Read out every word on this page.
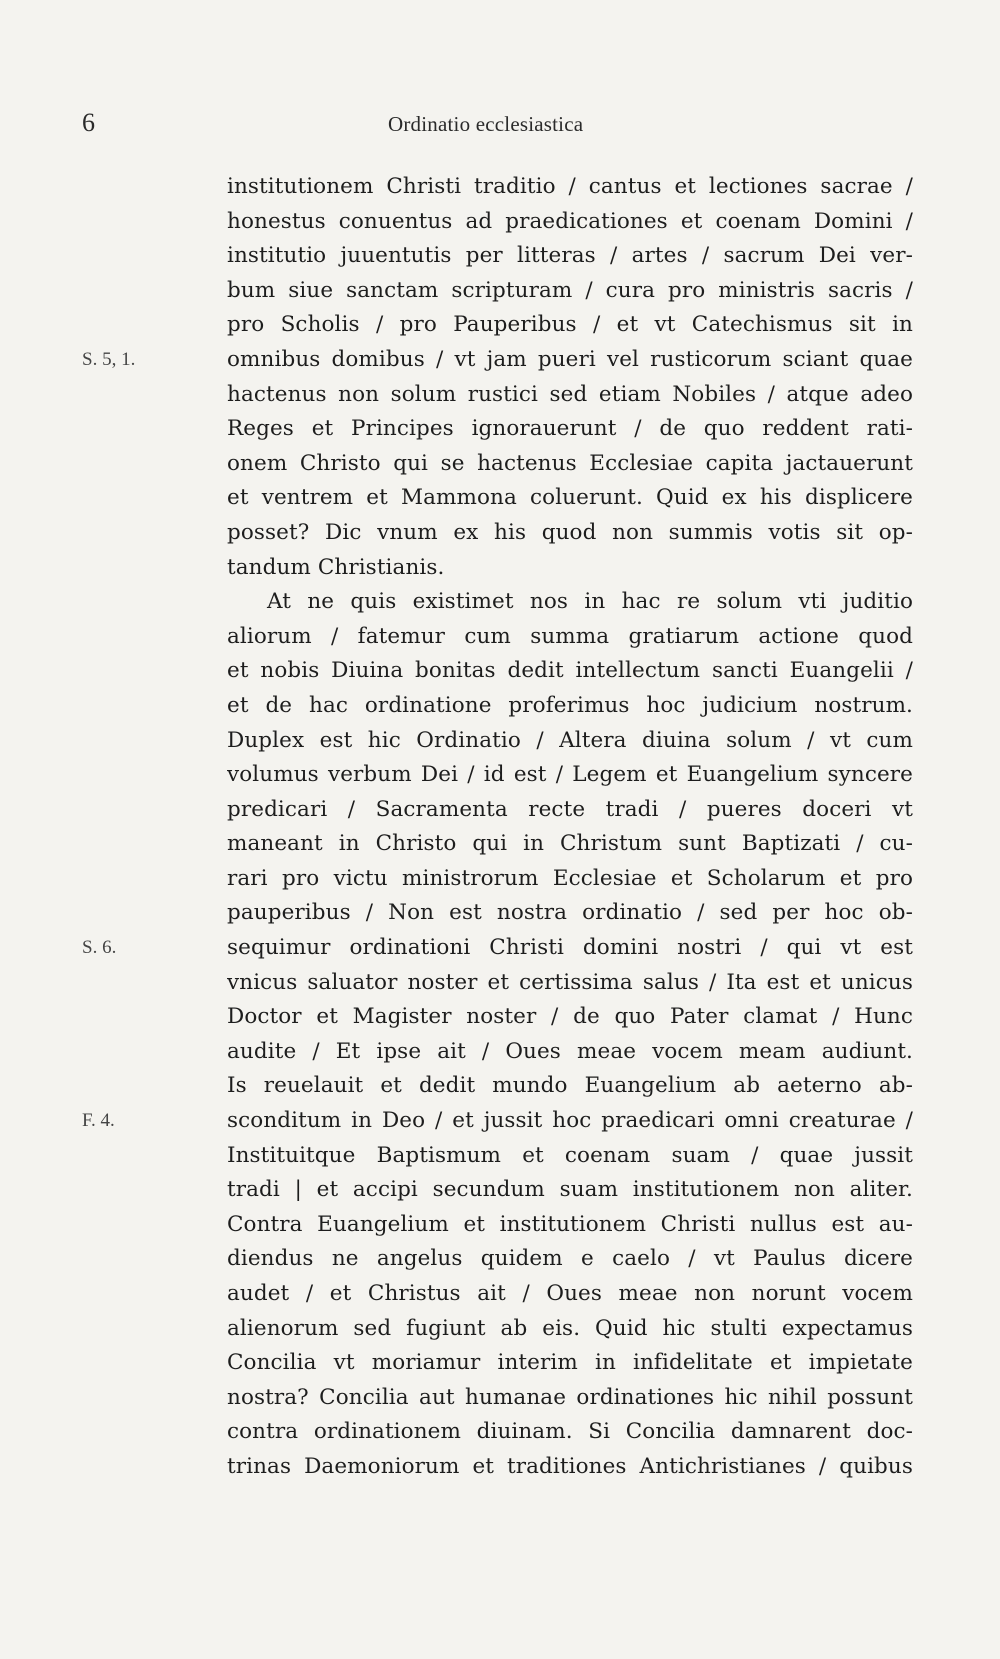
6	Ordinatio ecclesiastica
S. 5, 1.
S. 6.
F. 4.
institutionem Christi traditio / cantus et lectiones sacrae /
honestus conuentus ad praedicationes et coenam Domini /
institutio juuentutis per litteras / artes / sacrum Dei ver-
bum siue sanctam scripturam / cura pro ministris sacris /
pro Scholis / pro Pauperibus / et vt Catechismus sit in
omnibus domibus / vt jam pueri vel rusticorum sciant quae
hactenus non solum rustici sed etiam Nobiles / atque adeo
Reges et Principes ignorauerunt / de quo reddent rati-
onem Christo qui se hactenus Ecclesiae capita jactauerunt
et ventrem et Mammona coluerunt. Quid ex his displicere
posset? Dic vnum ex his quod non summis votis sit op-
tandum Christianis.
At ne quis existimet nos in hac re solum vti juditio
aliorum / fatemur cum summa gratiarum actione quod
et nobis Diuina bonitas dedit intellectum sancti Euangelii /
et de hac ordinatione proferimus hoc judicium nostrum.
Duplex est hic Ordinatio / Altera diuina solum / vt cum
volumus verbum Dei / id est / Legem et Euangelium syncere
predicari / Sacramenta recte tradi / pueres doceri vt
maneant in Christo qui in Christum sunt Baptizati / cu-
rari pro victu ministrorum Ecclesiae et Scholarum et pro
pauperibus / Non est nostra ordinatio / sed per hoc ob-
sequimur ordinationi Christi domini nostri / qui vt est
vnicus saluator noster et certissima salus / Ita est et unicus
Doctor et Magister noster / de quo Pater clamat / Hunc
audite / Et ipse ait / Oues meae vocem meam audiunt.
Is reuelauit et dedit mundo Euangelium ab aeterno ab-
sconditum in Deo / et jussit hoc praedicari omni creaturae /
Instituitque Baptismum et coenam suam / quae jussit
tradi | et accipi secundum suam institutionem non aliter.
Contra Euangelium et institutionem Christi nullus est au-
diendus ne angelus quidem e caelo / vt Paulus dicere
audet / et Christus ait / Oues meae non norunt vocem
alienorum sed fugiunt ab eis. Quid hic stulti expectamus
Concilia vt moriamur interim in infidelitate et impietate
nostra? Concilia aut humanae ordinationes hic nihil possunt
contra ordinationem diuinam. Si Concilia damnarent doc-
trinas Daemoniorum et traditiones Antichristianes / quibus
